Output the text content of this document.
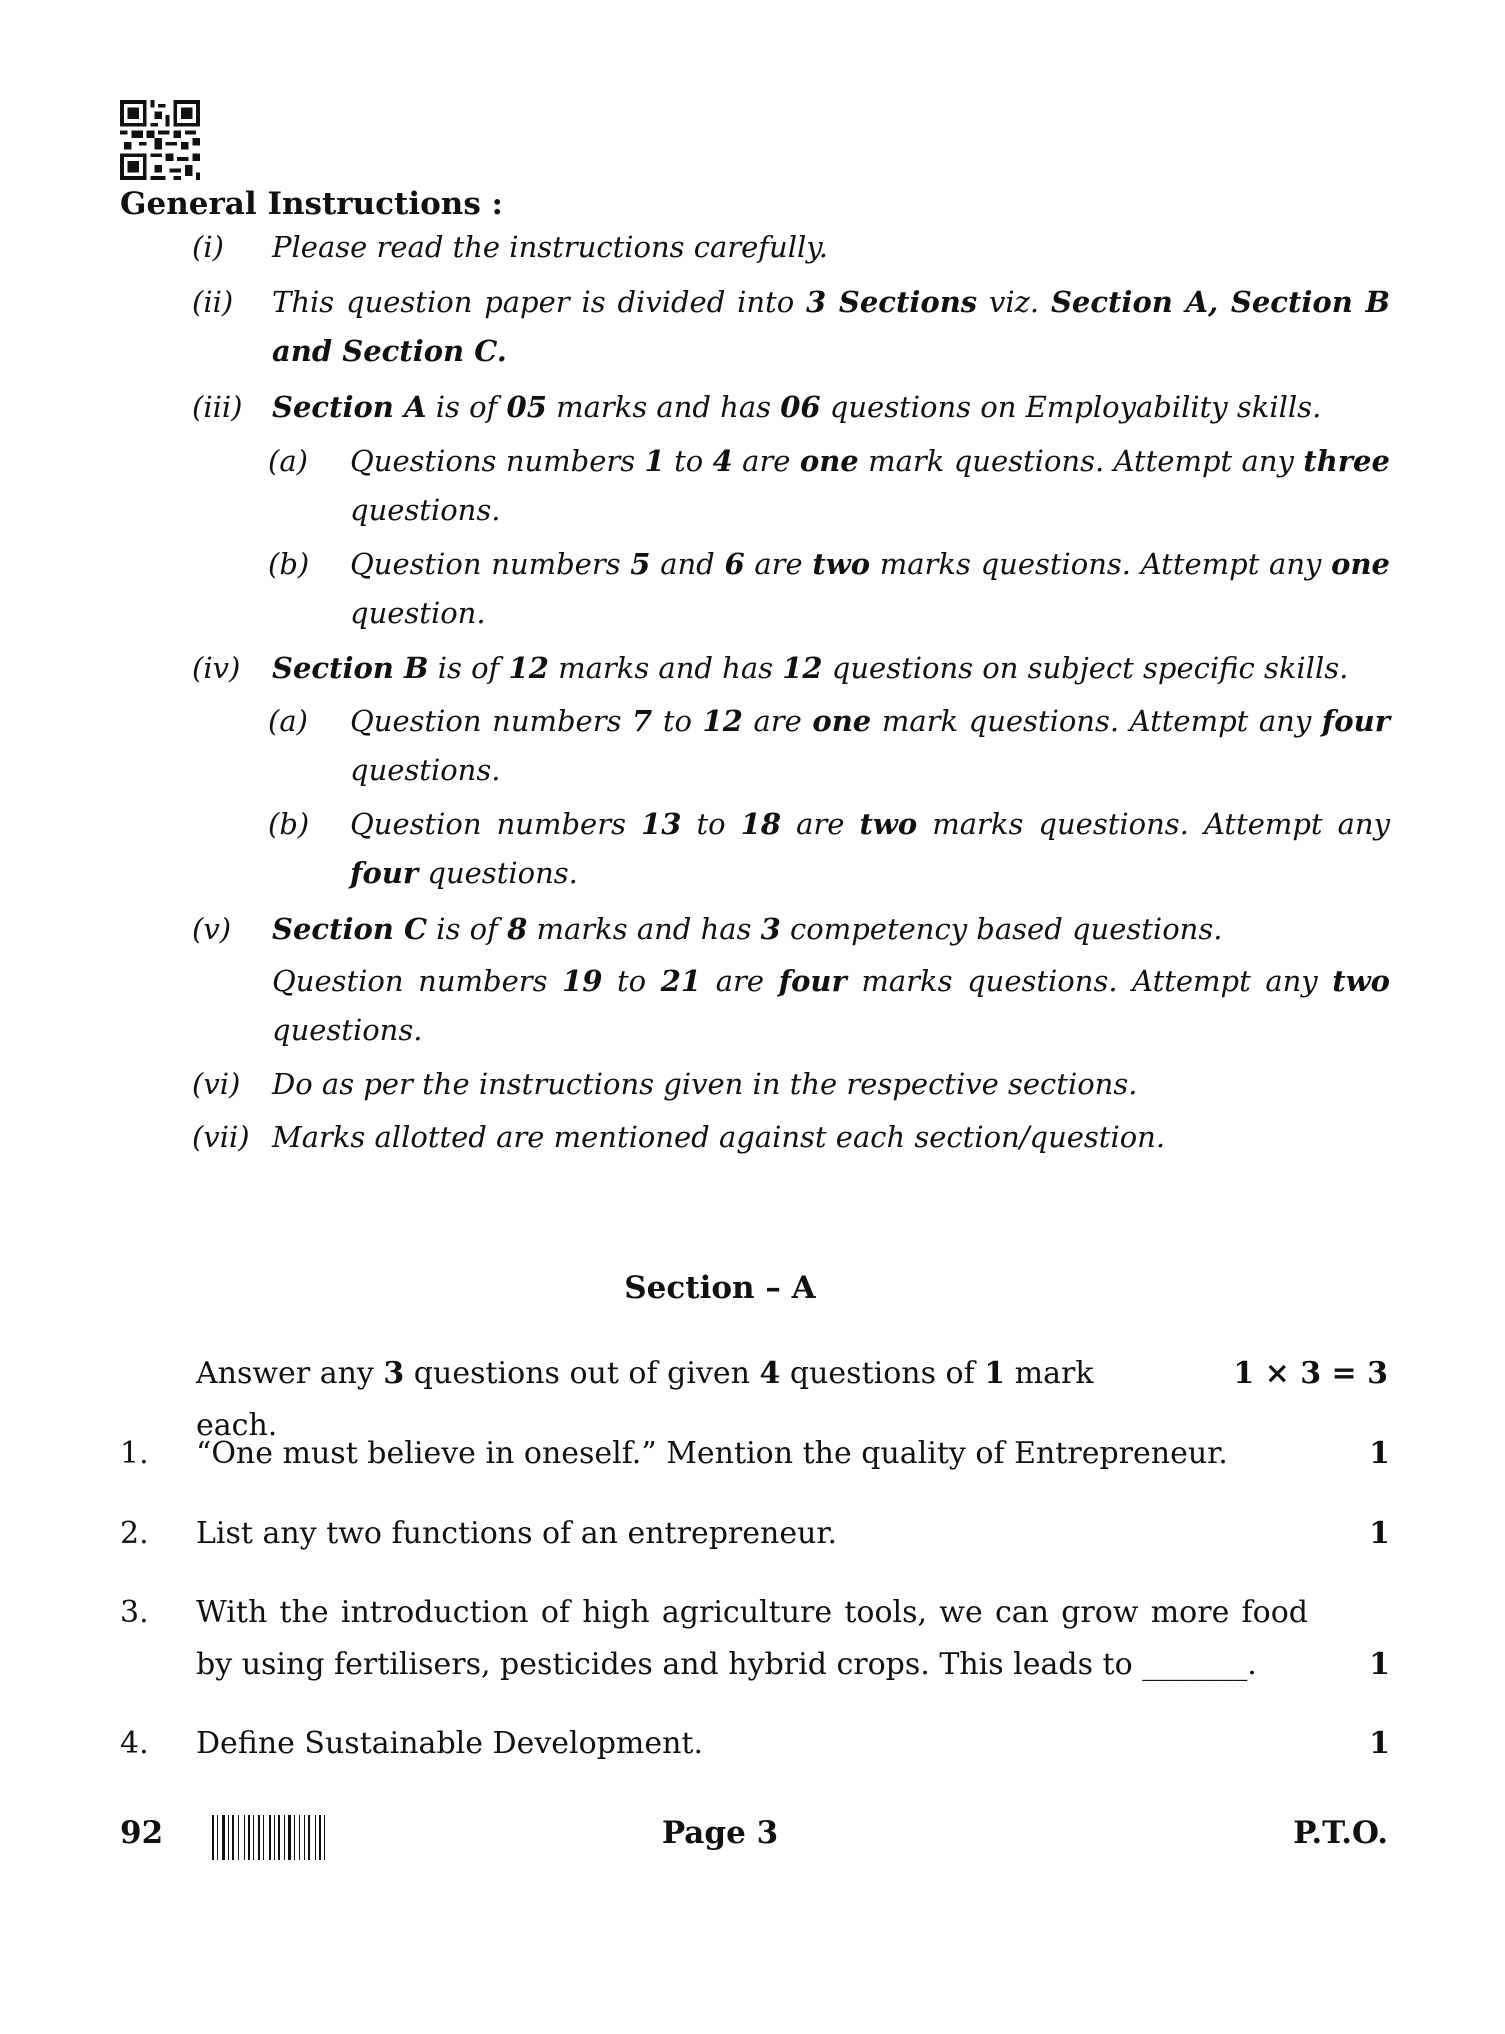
General Instructions :
(i) Please read the instructions carefully.
(ii) This question paper is divided into 3 Sections viz. Section A, Section B and Section C.
(iii) Section A is of 05 marks and has 06 questions on Employability skills.
(a) Questions numbers 1 to 4 are one mark questions. Attempt any three questions.
(b) Question numbers 5 and 6 are two marks questions. Attempt any one question.
(iv) Section B is of 12 marks and has 12 questions on subject specific skills.
(a) Question numbers 7 to 12 are one mark questions. Attempt any four questions.
(b) Question numbers 13 to 18 are two marks questions. Attempt any four questions.
(v) Section C is of 8 marks and has 3 competency based questions.
Question numbers 19 to 21 are four marks questions. Attempt any two questions.
(vi) Do as per the instructions given in the respective sections.
(vii) Marks allotted are mentioned against each section/question.
Section – A
Answer any 3 questions out of given 4 questions of 1 mark each.
1 × 3 = 3
1. “One must believe in oneself.” Mention the quality of Entrepreneur.	1
2. List any two functions of an entrepreneur.	1
3. With the introduction of high agriculture tools, we can grow more food by using fertilisers, pesticides and hybrid crops. This leads to _______.	1
4. Define Sustainable Development.	1
92	Page 3	P.T.O.
